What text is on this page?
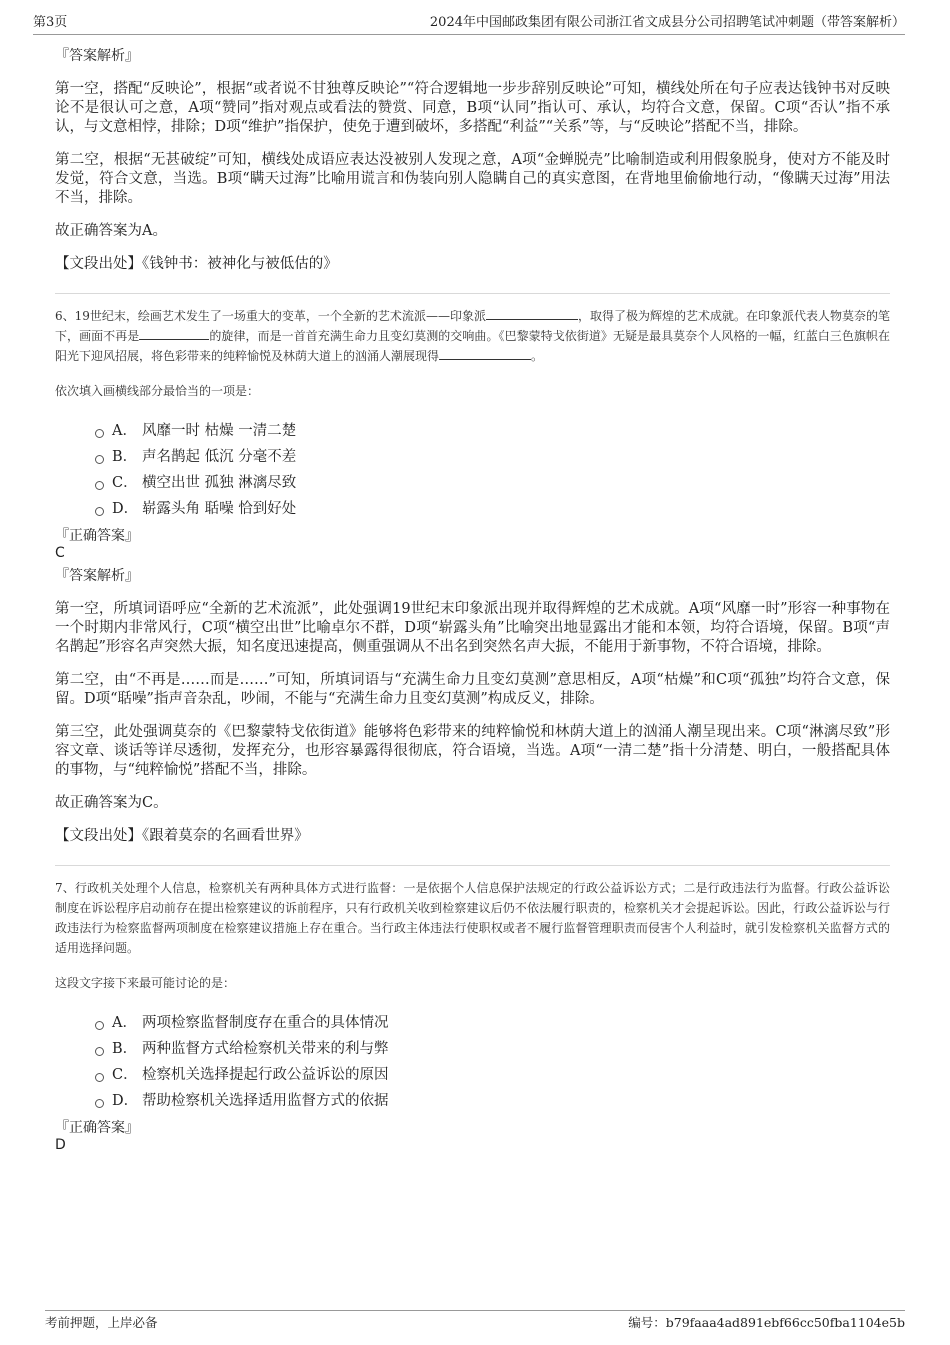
第3页	2024年中国邮政集团有限公司浙江省文成县分公司招聘笔试冲刺题（带答案解析）

『答案解析』

第一空，搭配“反映论”，根据“或者说不甘独尊反映论”“符合逻辑地一步步辞别反映论”可知，横线处所在句子应表达钱钟书对反映论不是很认可之意，A项“赞同”指对观点或看法的赞赏、同意，B项“认同”指认可、承认，均符合文意，保留。C项“否认”指不承认，与文意相悖，排除；D项“维护”指保护，使免于遭到破坏，多搭配“利益”“关系”等，与“反映论”搭配不当，排除。

第二空，根据“无甚破绽”可知，横线处成语应表达没被别人发现之意，A项“金蝉脱壳”比喻制造或利用假象脱身，使对方不能及时发觉，符合文意，当选。B项“瞒天过海”比喻用谎言和伪装向别人隐瞒自己的真实意图，在背地里偷偷地行动，“像瞒天过海”用法不当，排除。

故正确答案为A。

【文段出处】《钱钟书：被神化与被低估的》

6、19世纪末，绘画艺术发生了一场重大的变革，一个全新的艺术流派——印象派	，取得了极为辉煌的艺术成就。在印象派代表人物莫奈的笔下，画面不再是	的旋律，而是一首首充满生命力且变幻莫测的交响曲。《巴黎蒙特戈依街道》无疑是最具莫奈个人风格的一幅，红蓝白三色旗帜在阳光下迎风招展，将色彩带来的纯粹愉悦及林荫大道上的汹涌人潮展现得	。

依次填入画横线部分最恰当的一项是：

A． 风靡一时 枯燥 一清二楚
B． 声名鹊起 低沉 分毫不差
C． 横空出世 孤独 淋漓尽致
D． 崭露头角 聒噪 恰到好处

『正确答案』

C

『答案解析』

第一空，所填词语呼应“全新的艺术流派”，此处强调19世纪末印象派出现并取得辉煌的艺术成就。A项“风靡一时”形容一种事物在一个时期内非常风行，C项“横空出世”比喻卓尔不群，D项“崭露头角”比喻突出地显露出才能和本领，均符合语境，保留。B项“声名鹊起”形容名声突然大振，知名度迅速提高，侧重强调从不出名到突然名声大振，不能用于新事物，不符合语境，排除。

第二空，由“不再是……而是……”可知，所填词语与“充满生命力且变幻莫测”意思相反，A项“枯燥”和C项“孤独”均符合文意，保留。D项“聒噪”指声音杂乱，吵闹，不能与“充满生命力且变幻莫测”构成反义，排除。

第三空，此处强调莫奈的《巴黎蒙特戈依街道》能够将色彩带来的纯粹愉悦和林荫大道上的汹涌人潮呈现出来。C项“淋漓尽致”形容文章、谈话等详尽透彻，发挥充分，也形容暴露得很彻底，符合语境，当选。A项“一清二楚”指十分清楚、明白，一般搭配具体的事物，与“纯粹愉悦”搭配不当，排除。

故正确答案为C。

【文段出处】《跟着莫奈的名画看世界》

7、行政机关处理个人信息，检察机关有两种具体方式进行监督：一是依据个人信息保护法规定的行政公益诉讼方式；二是行政违法行为监督。行政公益诉讼制度在诉讼程序启动前存在提出检察建议的诉前程序，只有行政机关收到检察建议后仍不依法履行职责的，检察机关才会提起诉讼。因此，行政公益诉讼与行政违法行为检察监督两项制度在检察建议措施上存在重合。当行政主体违法行使职权或者不履行监督管理职责而侵害个人利益时，就引发检察机关监督方式的适用选择问题。

这段文字接下来最可能讨论的是：

A． 两项检察监督制度存在重合的具体情况
B． 两种监督方式给检察机关带来的利与弊
C． 检察机关选择提起行政公益诉讼的原因
D． 帮助检察机关选择适用监督方式的依据

『正确答案』

D

考前押题，上岸必备	编号：b79faaa4ad891ebf66cc50fba1104e5b
